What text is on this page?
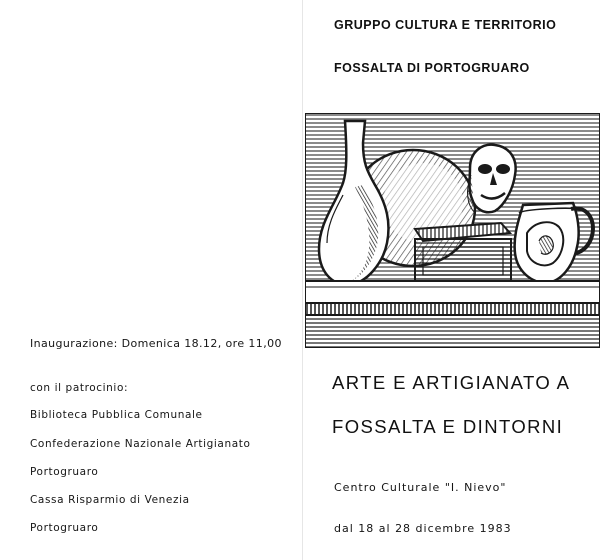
Inaugurazione: Domenica 18.12, ore 11,00
con il patrocinio:
Biblioteca Pubblica Comunale
Confederazione Nazionale Artigianato
Portogruaro
Cassa Risparmio di Venezia
Portogruaro
GRUPPO CULTURA E TERRITORIO
FOSSALTA DI PORTOGRUARO
ARTE E ARTIGIANATO A
FOSSALTA E DINTORNI
Centro Culturale "I. Nievo"
dal 18 al 28 dicembre 1983
